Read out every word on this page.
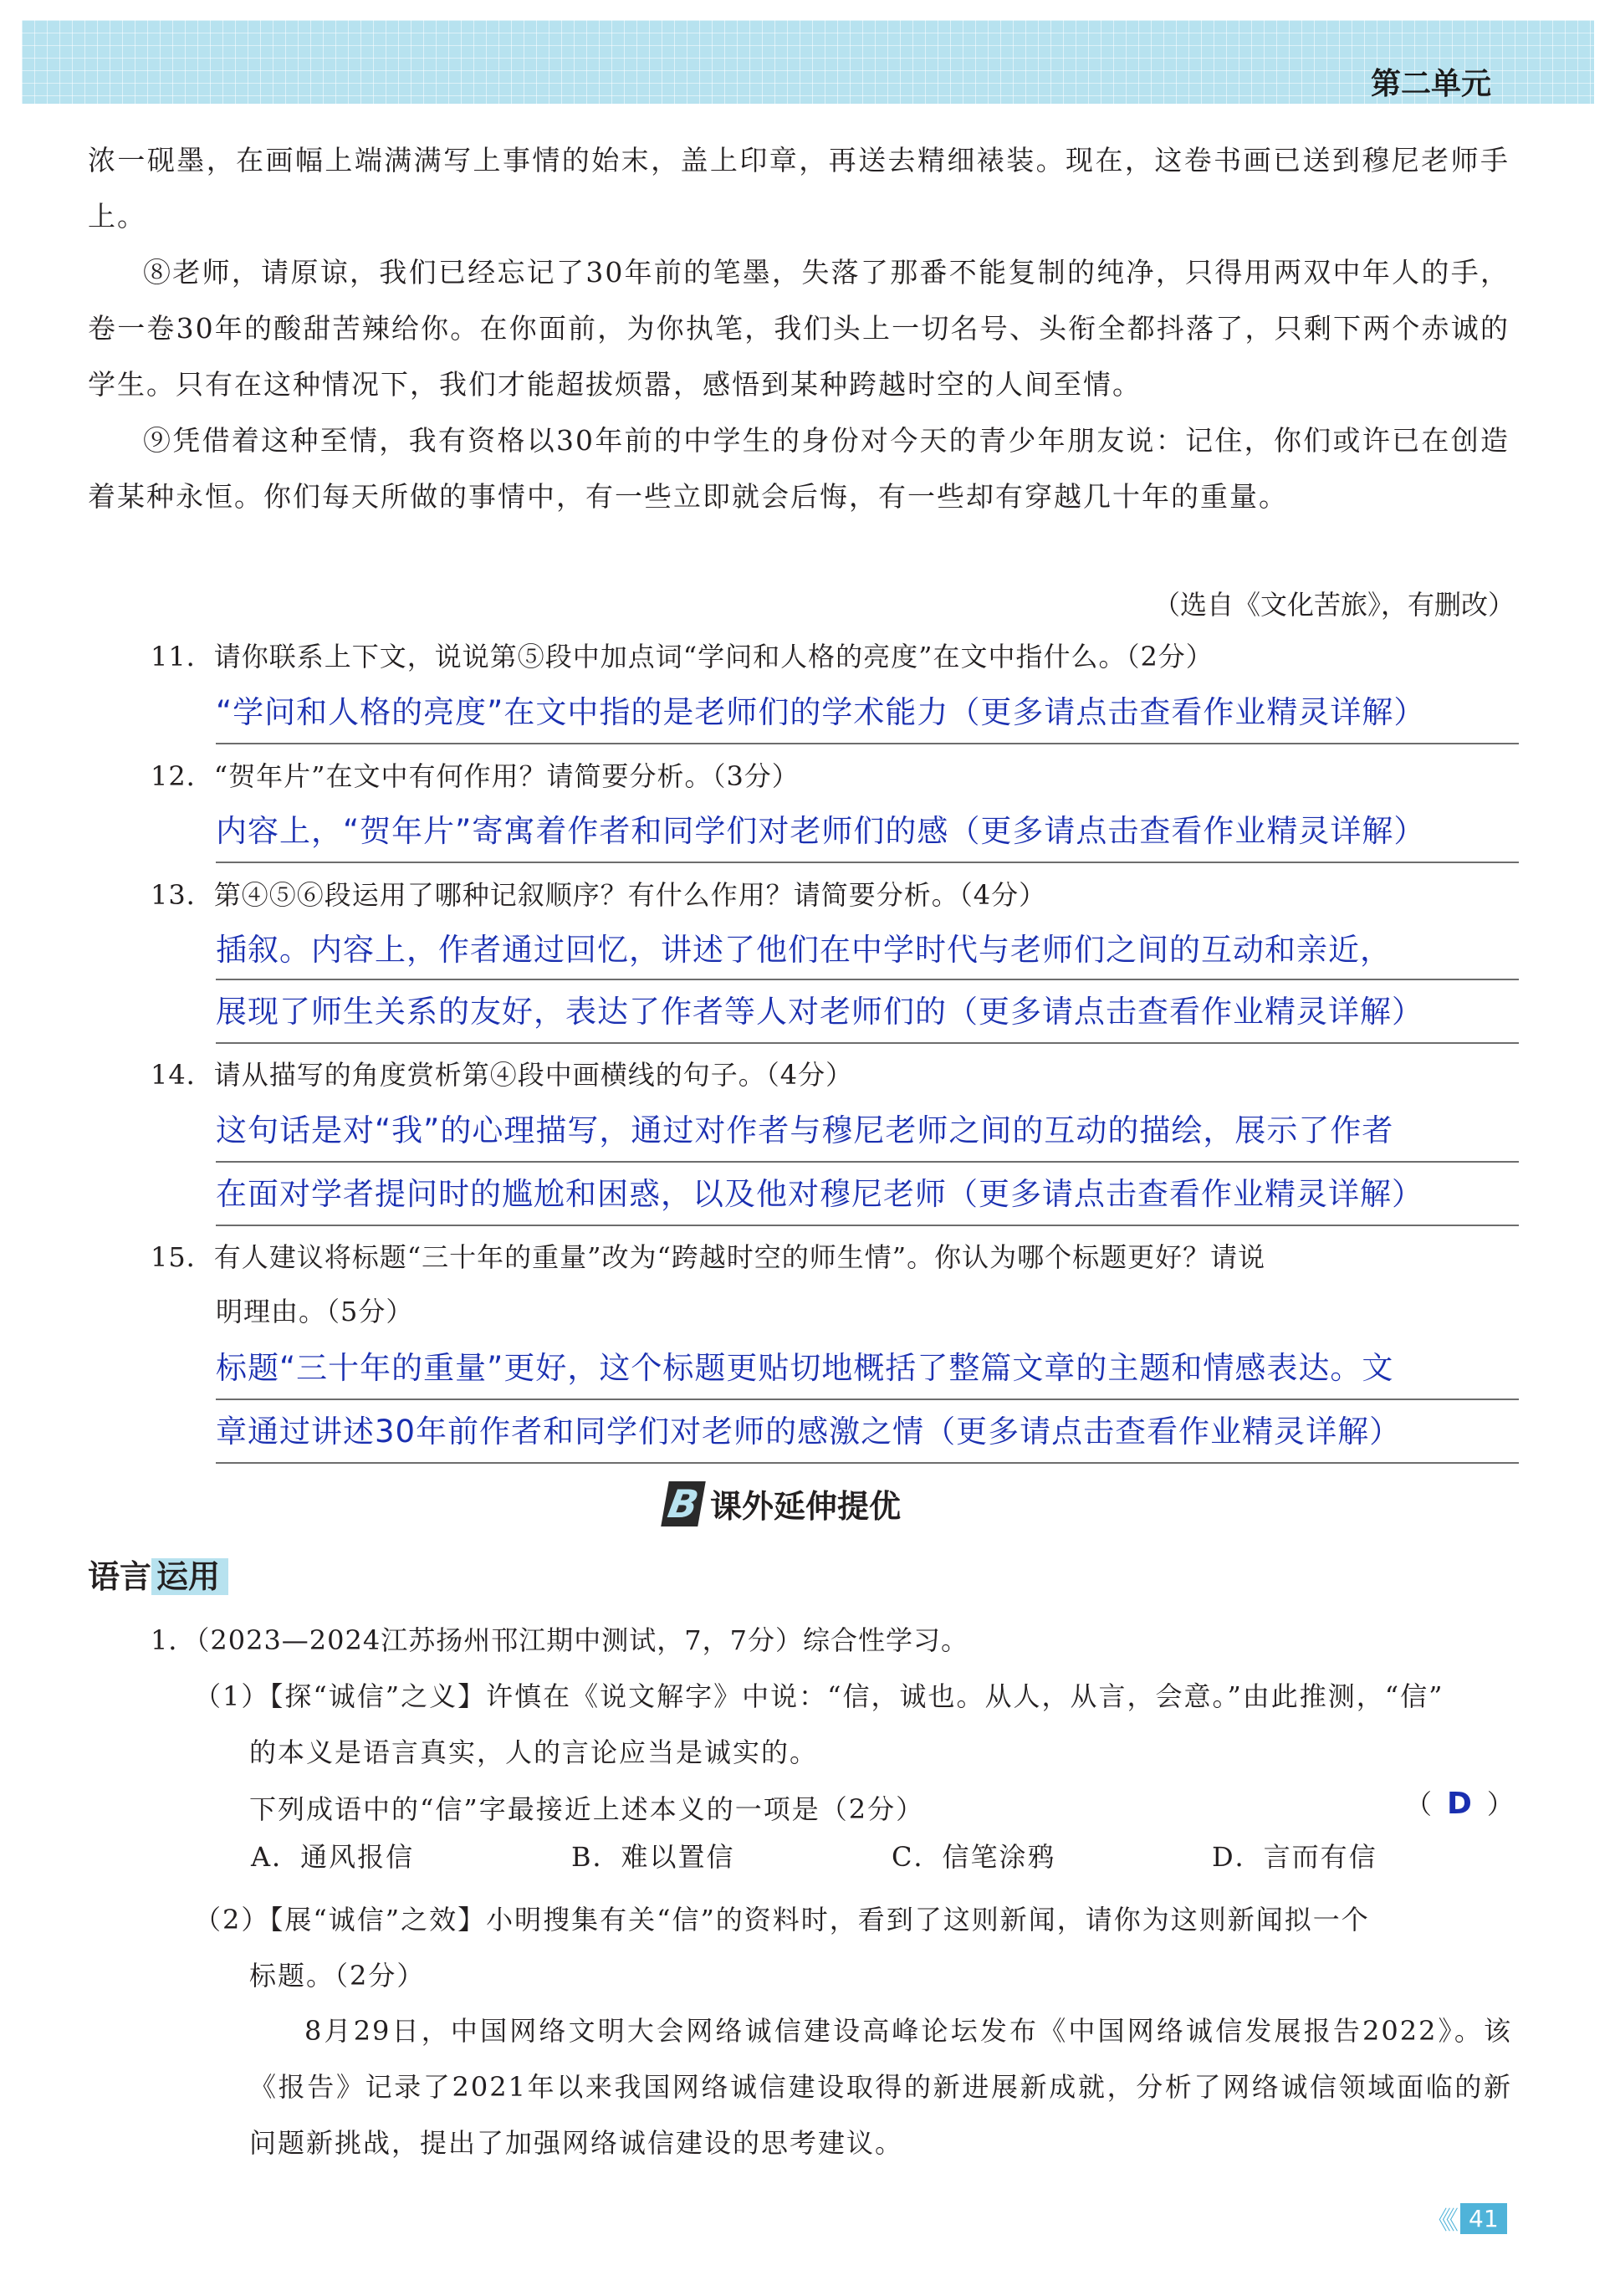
第二单元

浓一砚墨，在画幅上端满满写上事情的始末，盖上印章，再送去精细裱装。现在，这卷书画已送到穆尼老师手上。

⑧老师，请原谅，我们已经忘记了30年前的笔墨，失落了那番不能复制的纯净，只得用两双中年人的手，卷一卷30年的酸甜苦辣给你。在你面前，为你执笔，我们头上一切名号、头衔全都抖落了，只剩下两个赤诚的学生。只有在这种情况下，我们才能超拔烦嚣，感悟到某种跨越时空的人间至情。

⑨凭借着这种至情，我有资格以30年前的中学生的身份对今天的青少年朋友说：记住，你们或许已在创造着某种永恒。你们每天所做的事情中，有一些立即就会后悔，有一些却有穿越几十年的重量。

（选自《文化苦旅》，有删改）

11．请你联系上下文，说说第⑤段中加点词“学问和人格的亮度”在文中指什么。（2分）

“学问和人格的亮度”在文中指的是老师们的学术能力（更多请点击查看作业精灵详解）

12．“贺年片”在文中有何作用？请简要分析。（3分）

内容上，“贺年片”寄寓着作者和同学们对老师们的感（更多请点击查看作业精灵详解）

13．第④⑤⑥段运用了哪种记叙顺序？有什么作用？请简要分析。（4分）

插叙。内容上，作者通过回忆，讲述了他们在中学时代与老师们之间的互动和亲近，
展现了师生关系的友好，表达了作者等人对老师们的（更多请点击查看作业精灵详解）

14．请从描写的角度赏析第④段中画横线的句子。（4分）

这句话是对“我”的心理描写，通过对作者与穆尼老师之间的互动的描绘，展示了作者
在面对学者提问时的尴尬和困惑，以及他对穆尼老师（更多请点击查看作业精灵详解）

15．有人建议将标题“三十年的重量”改为“跨越时空的师生情”。你认为哪个标题更好？请说

明理由。（5分）

标题“三十年的重量”更好，这个标题更贴切地概括了整篇文章的主题和情感表达。文
章通过讲述30年前作者和同学们对老师的感激之情（更多请点击查看作业精灵详解）
B 课外延伸提优
语言 运用

1．（2023—2024江苏扬州邗江期中测试，7，7分）综合性学习。

（1）【探“诚信”之义】许慎在《说文解字》中说：“信，诚也。从人，从言，会意。”由此推测，“信”

的本义是语言真实，人的言论应当是诚实的。

下列成语中的“信”字最接近上述本义的一项是（2分）	（ D ）
A．通风报信	B．难以置信	C．信笔涂鸦	D．言而有信

（2）【展“诚信”之效】小明搜集有关“信”的资料时，看到了这则新闻，请你为这则新闻拟一个

标题。（2分）

8月29日，中国网络文明大会网络诚信建设高峰论坛发布《中国网络诚信发展报告2022》。该《报告》记录了2021年以来我国网络诚信建设取得的新进展新成就，分析了网络诚信领域面临的新问题新挑战，提出了加强网络诚信建设的思考建议。

《《 41
